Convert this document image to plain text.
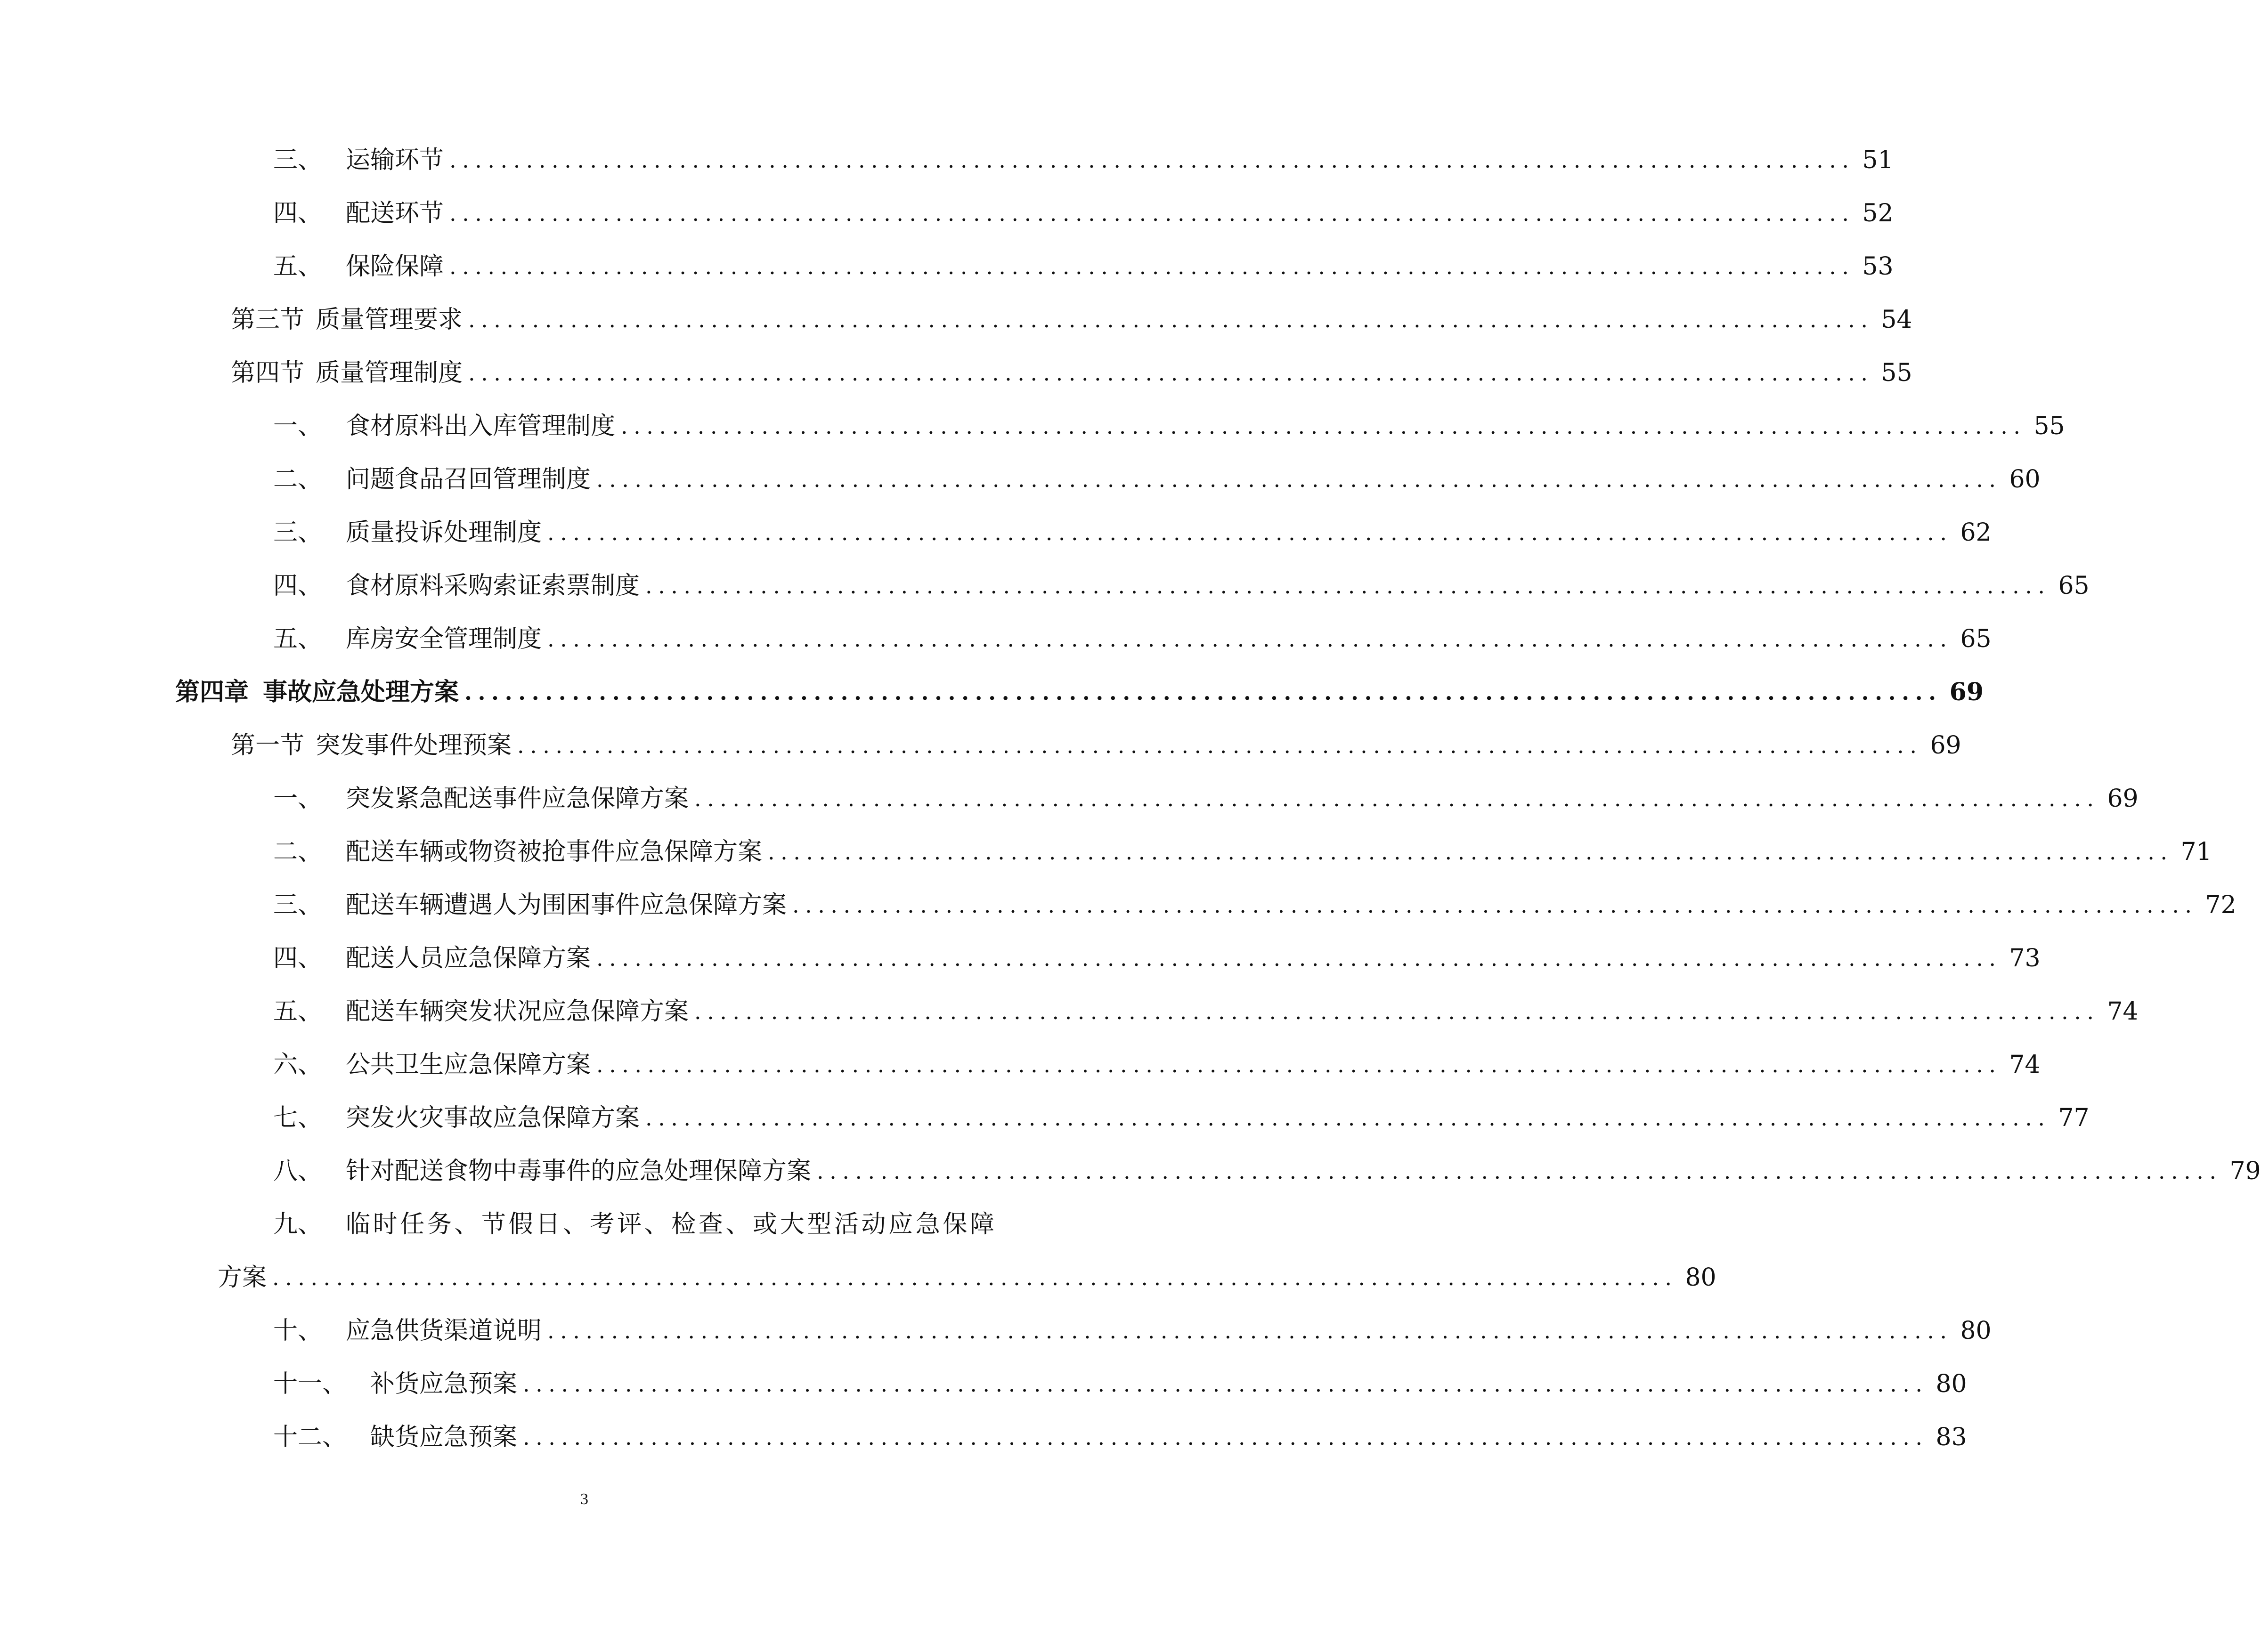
三、 运输环节 .............................................................................................................. 51
四、 配送环节 .............................................................................................................. 52
五、 保险保障 .............................................................................................................. 53
第三节 质量管理要求 .............................................................................................................. 54
第四节 质量管理制度 .............................................................................................................. 55
一、 食材原料出入库管理制度 .............................................................................................................. 55
二、 问题食品召回管理制度 .............................................................................................................. 60
三、 质量投诉处理制度 .............................................................................................................. 62
四、 食材原料采购索证索票制度 .............................................................................................................. 65
五、 库房安全管理制度 .............................................................................................................. 65
第四章 事故应急处理方案 .............................................................................................................. 69
第一节 突发事件处理预案 .............................................................................................................. 69
一、 突发紧急配送事件应急保障方案 .............................................................................................................. 69
二、 配送车辆或物资被抢事件应急保障方案 .............................................................................................................. 71
三、 配送车辆遭遇人为围困事件应急保障方案 .............................................................................................................. 72
四、 配送人员应急保障方案 .............................................................................................................. 73
五、 配送车辆突发状况应急保障方案 .............................................................................................................. 74
六、 公共卫生应急保障方案 .............................................................................................................. 74
七、 突发火灾事故应急保障方案 .............................................................................................................. 77
八、 针对配送食物中毒事件的应急处理保障方案 .............................................................................................................. 79
九、 临时任务、节假日、考评、检查、或大型活动应急保障
方案 .............................................................................................................. 80
十、 应急供货渠道说明 .............................................................................................................. 80
十一、 补货应急预案 .............................................................................................................. 80
十二、 缺货应急预案 .............................................................................................................. 83
3
